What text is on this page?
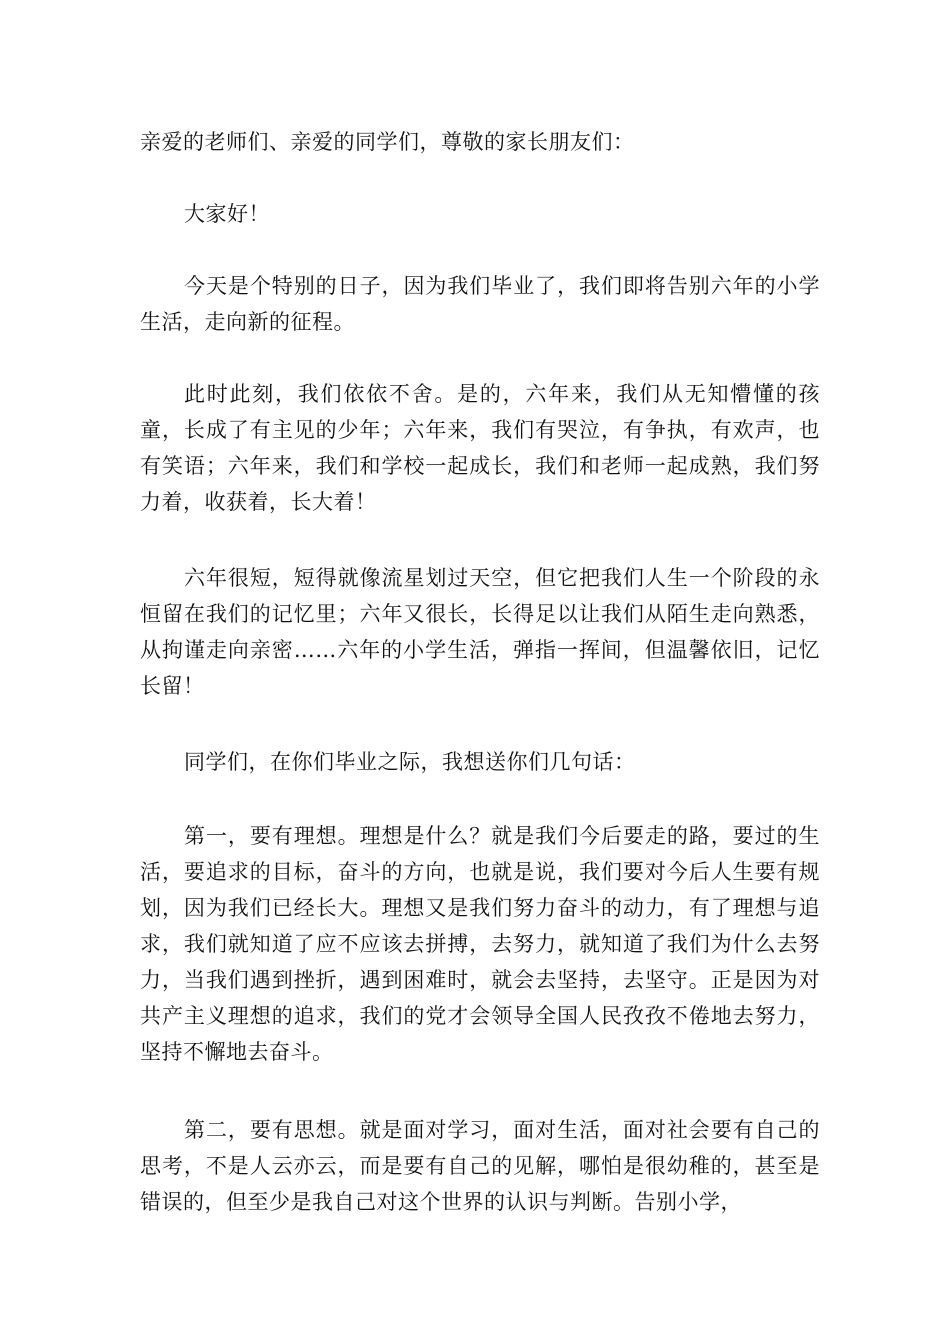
亲爱的老师们、亲爱的同学们，尊敬的家长朋友们：

大家好！

今天是个特别的日子，因为我们毕业了，我们即将告别六年的小学生活，走向新的征程。

此时此刻，我们依依不舍。是的，六年来，我们从无知懵懂的孩童，长成了有主见的少年；六年来，我们有哭泣，有争执，有欢声，也有笑语；六年来，我们和学校一起成长，我们和老师一起成熟，我们努力着，收获着，长大着！

六年很短，短得就像流星划过天空，但它把我们人生一个阶段的永恒留在我们的记忆里；六年又很长，长得足以让我们从陌生走向熟悉，从拘谨走向亲密……六年的小学生活，弹指一挥间，但温馨依旧，记忆长留！

同学们，在你们毕业之际，我想送你们几句话：

第一，要有理想。理想是什么？就是我们今后要走的路，要过的生活，要追求的目标，奋斗的方向，也就是说，我们要对今后人生要有规划，因为我们已经长大。理想又是我们努力奋斗的动力，有了理想与追求，我们就知道了应不应该去拼搏，去努力，就知道了我们为什么去努力，当我们遇到挫折，遇到困难时，就会去坚持，去坚守。正是因为对共产主义理想的追求，我们的党才会领导全国人民孜孜不倦地去努力，坚持不懈地去奋斗。

第二，要有思想。就是面对学习，面对生活，面对社会要有自己的思考，不是人云亦云，而是要有自己的见解，哪怕是很幼稚的，甚至是错误的，但至少是我自己对这个世界的认识与判断。告别小学，
